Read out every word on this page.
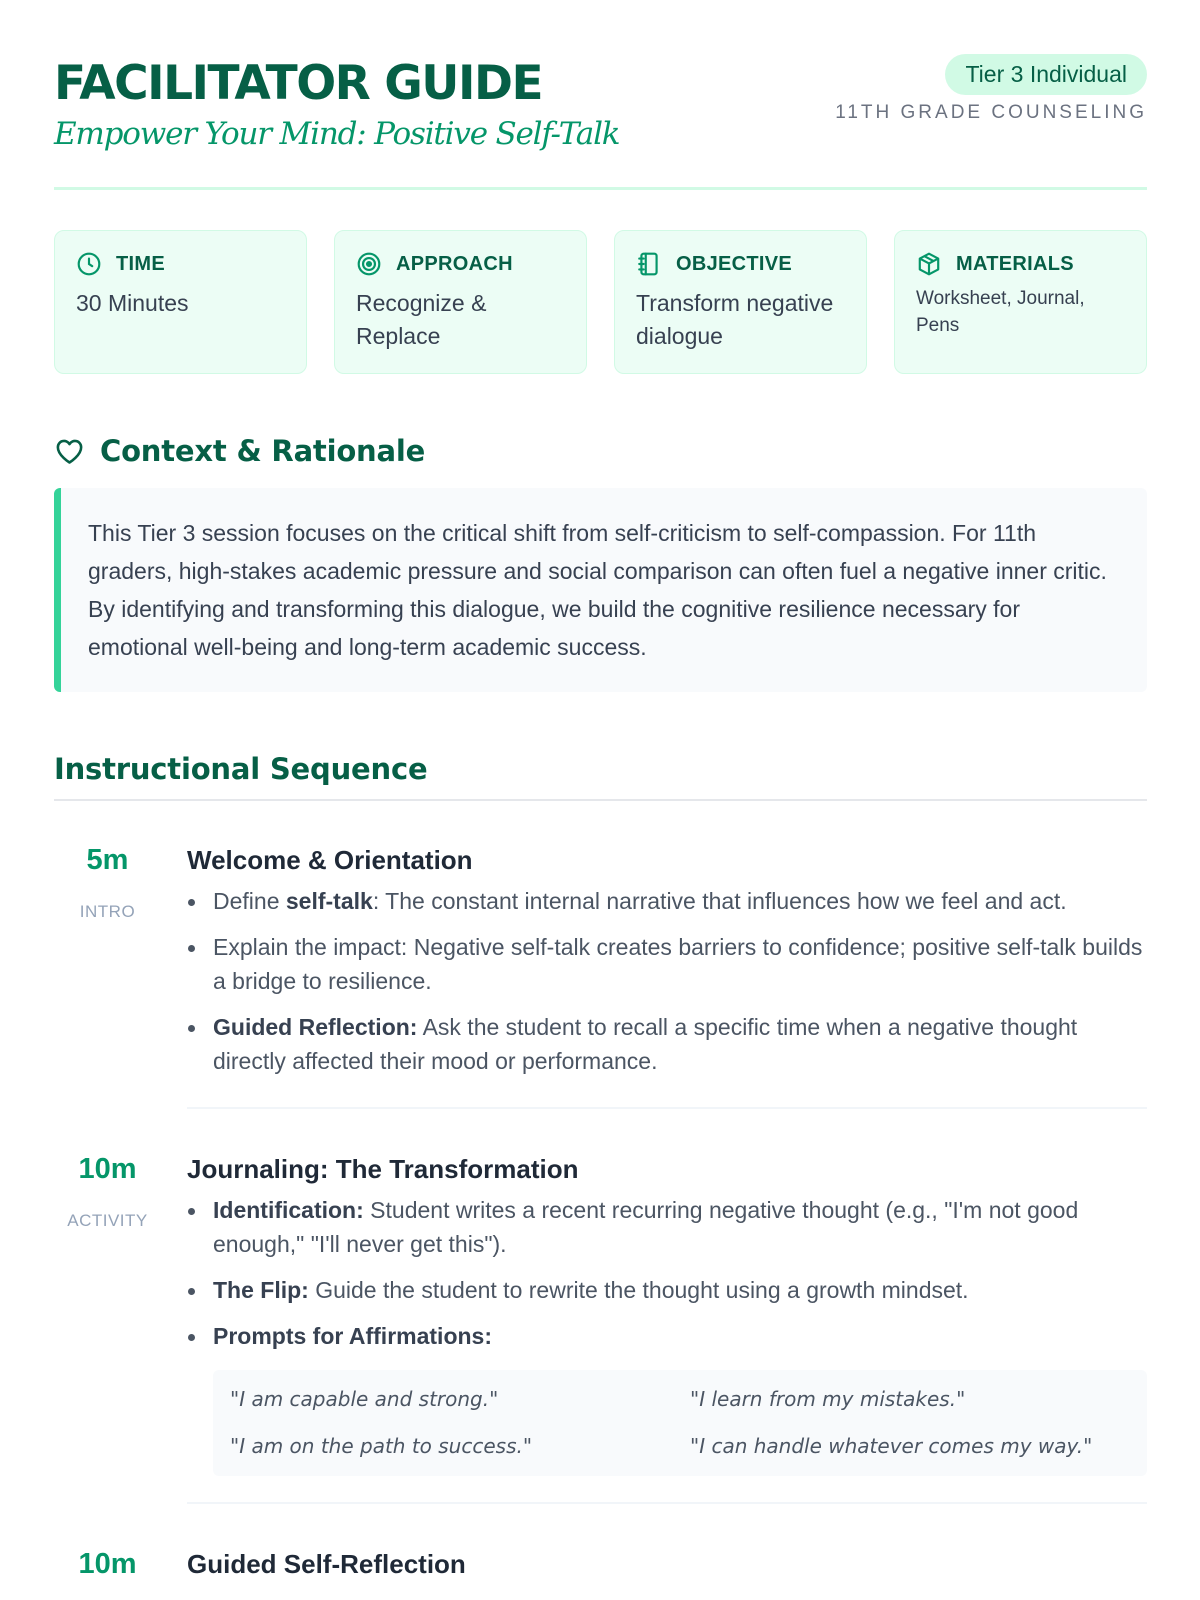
FACILITATOR GUIDE
Empower Your Mind: Positive Self-Talk
Tier 3 Individual
11TH GRADE COUNSELING
TIME
30 Minutes
APPROACH
Recognize & Replace
OBJECTIVE
Transform negative dialogue
MATERIALS
Worksheet, Journal, Pens
Context & Rationale

This Tier 3 session focuses on the critical shift from self-criticism to self-compassion. For 11th graders, high-stakes academic pressure and social comparison can often fuel a negative inner critic. By identifying and transforming this dialogue, we build the cognitive resilience necessary for emotional well-being and long-term academic success.

Instructional Sequence
5m
INTRO
Welcome & Orientation
Define self-talk: The constant internal narrative that influences how we feel and act.
Explain the impact: Negative self-talk creates barriers to confidence; positive self-talk builds a bridge to resilience.
Guided Reflection: Ask the student to recall a specific time when a negative thought directly affected their mood or performance.
10m
ACTIVITY
Journaling: The Transformation
Identification: Student writes a recent recurring negative thought (e.g., "I'm not good enough," "I'll never get this").
The Flip: Guide the student to rewrite the thought using a growth mindset.
Prompts for Affirmations:
"I am capable and strong."	"I learn from my mistakes."
"I am on the path to success."	"I can handle whatever comes my way."
10m	Guided Self-Reflection
